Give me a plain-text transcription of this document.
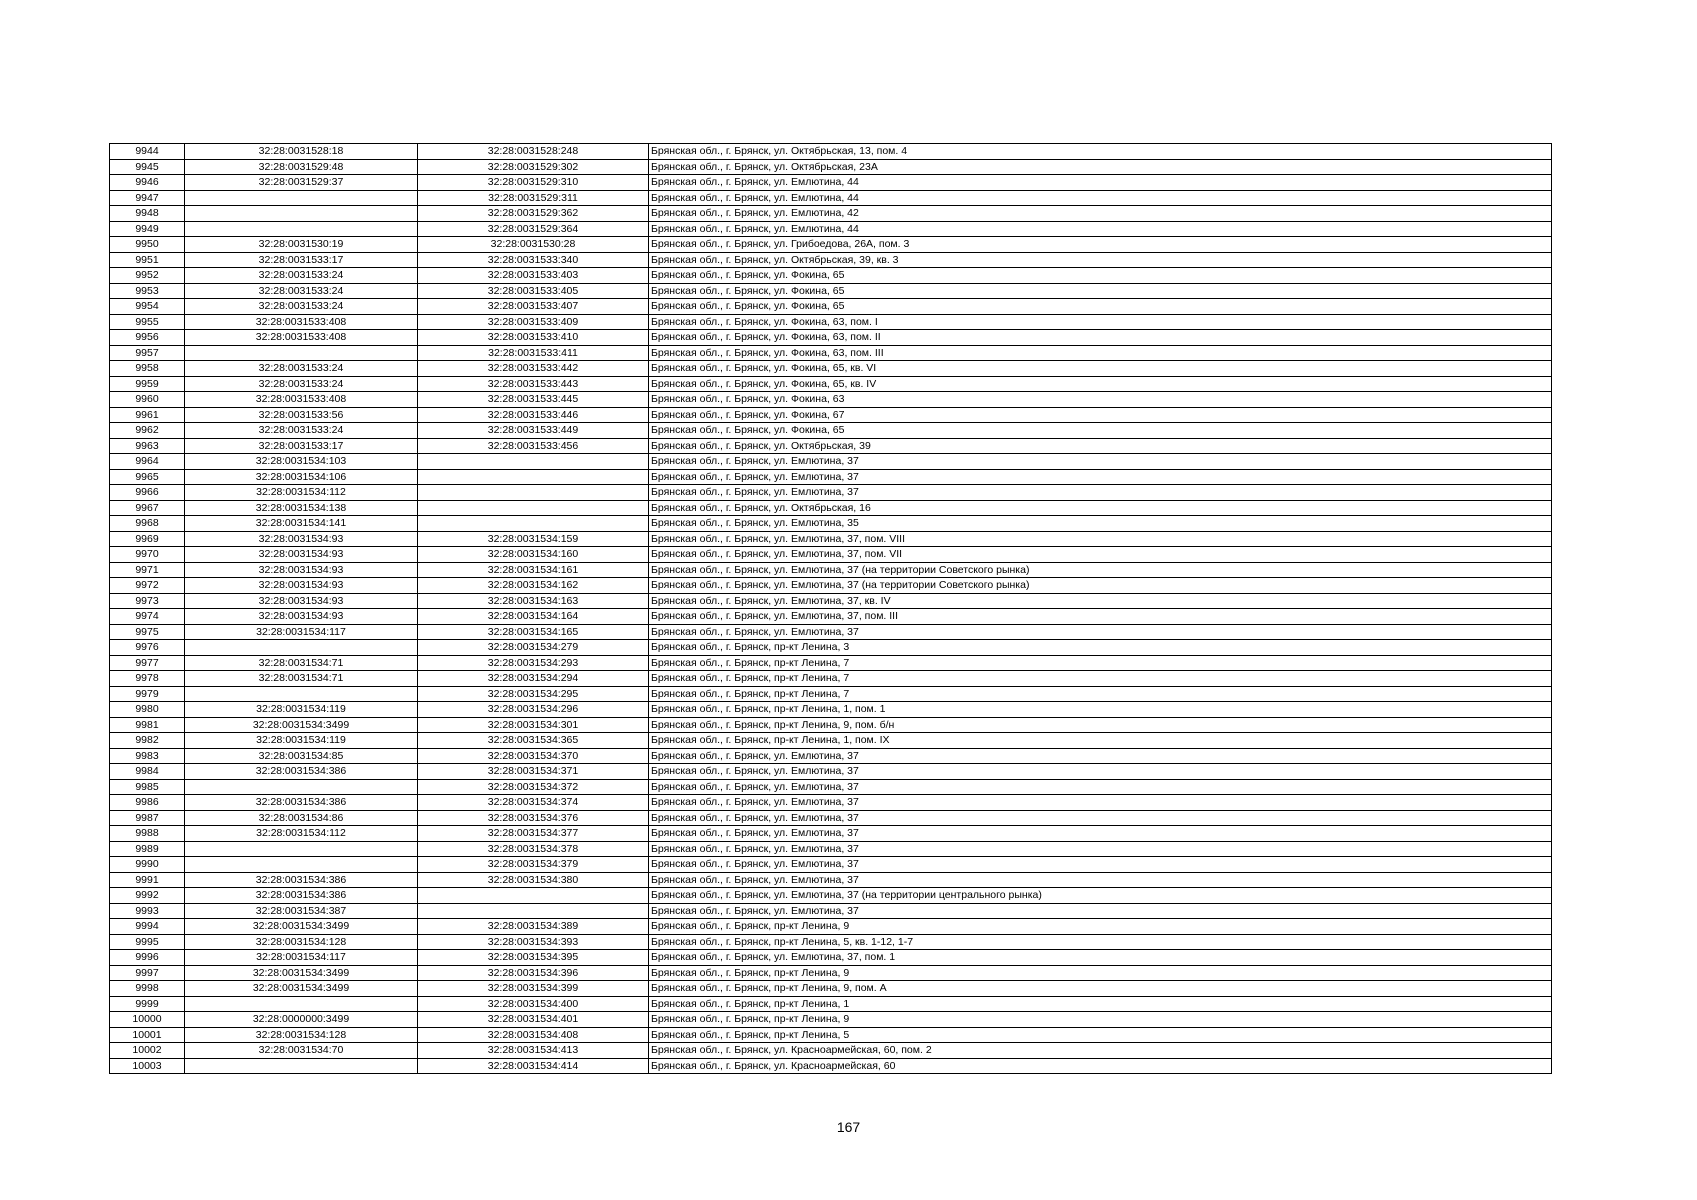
9944	32:28:0031528:18	32:28:0031528:248	Брянская обл., г. Брянск, ул. Октябрьская, 13, пом. 4
9945	32:28:0031529:48	32:28:0031529:302	Брянская обл., г. Брянск, ул. Октябрьская, 23А
9946	32:28:0031529:37	32:28:0031529:310	Брянская обл., г. Брянск, ул. Емлютина, 44
9947		32:28:0031529:311	Брянская обл., г. Брянск, ул. Емлютина, 44
9948		32:28:0031529:362	Брянская обл., г. Брянск, ул. Емлютина, 42
9949		32:28:0031529:364	Брянская обл., г. Брянск, ул. Емлютина, 44
9950	32:28:0031530:19	32:28:0031530:28	Брянская обл., г. Брянск, ул. Грибоедова, 26А, пом. 3
9951	32:28:0031533:17	32:28:0031533:340	Брянская обл., г. Брянск, ул. Октябрьская, 39, кв. 3
9952	32:28:0031533:24	32:28:0031533:403	Брянская обл., г. Брянск, ул. Фокина, 65
9953	32:28:0031533:24	32:28:0031533:405	Брянская обл., г. Брянск, ул. Фокина, 65
9954	32:28:0031533:24	32:28:0031533:407	Брянская обл., г. Брянск, ул. Фокина, 65
9955	32:28:0031533:408	32:28:0031533:409	Брянская обл., г. Брянск, ул. Фокина, 63, пом. I
9956	32:28:0031533:408	32:28:0031533:410	Брянская обл., г. Брянск, ул. Фокина, 63, пом. II
9957		32:28:0031533:411	Брянская обл., г. Брянск, ул. Фокина, 63, пом. III
9958	32:28:0031533:24	32:28:0031533:442	Брянская обл., г. Брянск, ул. Фокина, 65, кв. VI
9959	32:28:0031533:24	32:28:0031533:443	Брянская обл., г. Брянск, ул. Фокина, 65, кв. IV
9960	32:28:0031533:408	32:28:0031533:445	Брянская обл., г. Брянск, ул. Фокина, 63
9961	32:28:0031533:56	32:28:0031533:446	Брянская обл., г. Брянск, ул. Фокина, 67
9962	32:28:0031533:24	32:28:0031533:449	Брянская обл., г. Брянск, ул. Фокина, 65
9963	32:28:0031533:17	32:28:0031533:456	Брянская обл., г. Брянск, ул. Октябрьская, 39
9964	32:28:0031534:103		Брянская обл., г. Брянск, ул. Емлютина, 37
9965	32:28:0031534:106		Брянская обл., г. Брянск, ул. Емлютина, 37
9966	32:28:0031534:112		Брянская обл., г. Брянск, ул. Емлютина, 37
9967	32:28:0031534:138		Брянская обл., г. Брянск, ул. Октябрьская, 16
9968	32:28:0031534:141		Брянская обл., г. Брянск, ул. Емлютина, 35
9969	32:28:0031534:93	32:28:0031534:159	Брянская обл., г. Брянск, ул. Емлютина, 37, пом. VIII
9970	32:28:0031534:93	32:28:0031534:160	Брянская обл., г. Брянск, ул. Емлютина, 37, пом. VII
9971	32:28:0031534:93	32:28:0031534:161	Брянская обл., г. Брянск, ул. Емлютина, 37 (на территории Советского рынка)
9972	32:28:0031534:93	32:28:0031534:162	Брянская обл., г. Брянск, ул. Емлютина, 37 (на территории Советского рынка)
9973	32:28:0031534:93	32:28:0031534:163	Брянская обл., г. Брянск, ул. Емлютина, 37, кв. IV
9974	32:28:0031534:93	32:28:0031534:164	Брянская обл., г. Брянск, ул. Емлютина, 37, пом. III
9975	32:28:0031534:117	32:28:0031534:165	Брянская обл., г. Брянск, ул. Емлютина, 37
9976		32:28:0031534:279	Брянская обл., г. Брянск, пр-кт Ленина, 3
9977	32:28:0031534:71	32:28:0031534:293	Брянская обл., г. Брянск, пр-кт Ленина, 7
9978	32:28:0031534:71	32:28:0031534:294	Брянская обл., г. Брянск, пр-кт Ленина, 7
9979		32:28:0031534:295	Брянская обл., г. Брянск, пр-кт Ленина, 7
9980	32:28:0031534:119	32:28:0031534:296	Брянская обл., г. Брянск, пр-кт Ленина, 1, пом. 1
9981	32:28:0031534:3499	32:28:0031534:301	Брянская обл., г. Брянск, пр-кт Ленина, 9, пом. б/н
9982	32:28:0031534:119	32:28:0031534:365	Брянская обл., г. Брянск, пр-кт Ленина, 1, пом. IX
9983	32:28:0031534:85	32:28:0031534:370	Брянская обл., г. Брянск, ул. Емлютина, 37
9984	32:28:0031534:386	32:28:0031534:371	Брянская обл., г. Брянск, ул. Емлютина, 37
9985		32:28:0031534:372	Брянская обл., г. Брянск, ул. Емлютина, 37
9986	32:28:0031534:386	32:28:0031534:374	Брянская обл., г. Брянск, ул. Емлютина, 37
9987	32:28:0031534:86	32:28:0031534:376	Брянская обл., г. Брянск, ул. Емлютина, 37
9988	32:28:0031534:112	32:28:0031534:377	Брянская обл., г. Брянск, ул. Емлютина, 37
9989		32:28:0031534:378	Брянская обл., г. Брянск, ул. Емлютина, 37
9990		32:28:0031534:379	Брянская обл., г. Брянск, ул. Емлютина, 37
9991	32:28:0031534:386	32:28:0031534:380	Брянская обл., г. Брянск, ул. Емлютина, 37
9992	32:28:0031534:386		Брянская обл., г. Брянск, ул. Емлютина, 37 (на территории центрального рынка)
9993	32:28:0031534:387		Брянская обл., г. Брянск, ул. Емлютина, 37
9994	32:28:0031534:3499	32:28:0031534:389	Брянская обл., г. Брянск, пр-кт Ленина, 9
9995	32:28:0031534:128	32:28:0031534:393	Брянская обл., г. Брянск, пр-кт Ленина, 5, кв. 1-12, 1-7
9996	32:28:0031534:117	32:28:0031534:395	Брянская обл., г. Брянск, ул. Емлютина, 37, пом. 1
9997	32:28:0031534:3499	32:28:0031534:396	Брянская обл., г. Брянск, пр-кт Ленина, 9
9998	32:28:0031534:3499	32:28:0031534:399	Брянская обл., г. Брянск, пр-кт Ленина, 9, пом. А
9999		32:28:0031534:400	Брянская обл., г. Брянск, пр-кт Ленина, 1
10000	32:28:0000000:3499	32:28:0031534:401	Брянская обл., г. Брянск, пр-кт Ленина, 9
10001	32:28:0031534:128	32:28:0031534:408	Брянская обл., г. Брянск, пр-кт Ленина, 5
10002	32:28:0031534:70	32:28:0031534:413	Брянская обл., г. Брянск, ул. Красноармейская, 60, пом. 2
10003		32:28:0031534:414	Брянская обл., г. Брянск, ул. Красноармейская, 60
167
